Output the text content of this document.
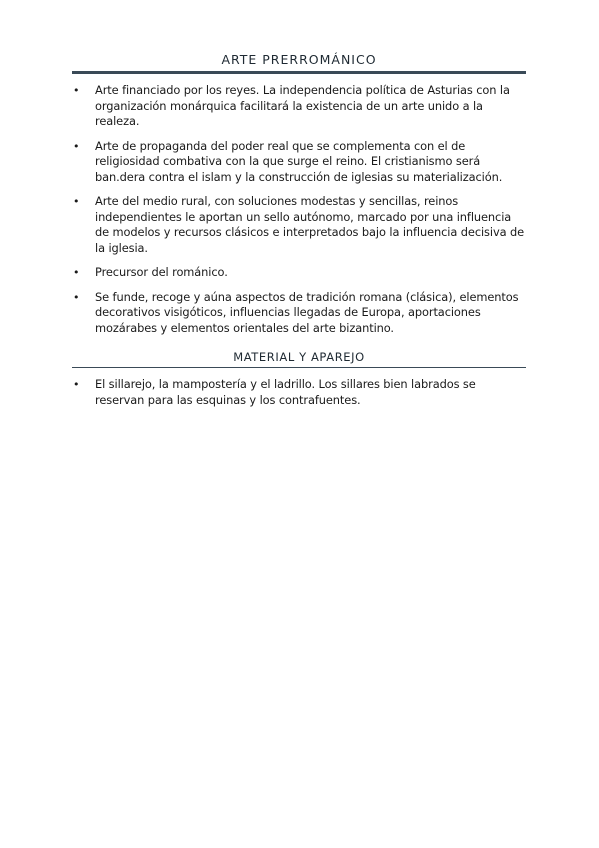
ARTE PRERROMÁNICO
• Arte financiado por los reyes. La independencia política de Asturias con la organización monárquica facilitará la existencia de un arte unido a la realeza.
• Arte de propaganda del poder real que se complementa con el de religiosidad combativa con la que surge el reino. El cristianismo será ban.dera contra el islam y la construcción de iglesias su materialización.
• Arte del medio rural, con soluciones modestas y sencillas, reinos independientes le aportan un sello autónomo, marcado por una influencia de modelos y recursos clásicos e interpretados bajo la influencia decisiva de la iglesia.
• Precursor del románico.
• Se funde, recoge y aúna aspectos de tradición romana (clásica), elementos decorativos visigóticos, influencias llegadas de Europa, aportaciones mozárabes y elementos orientales del arte bizantino.
MATERIAL Y APAREJO
• El sillarejo, la mampostería y el ladrillo. Los sillares bien labrados se reservan para las esquinas y los contrafuentes.
